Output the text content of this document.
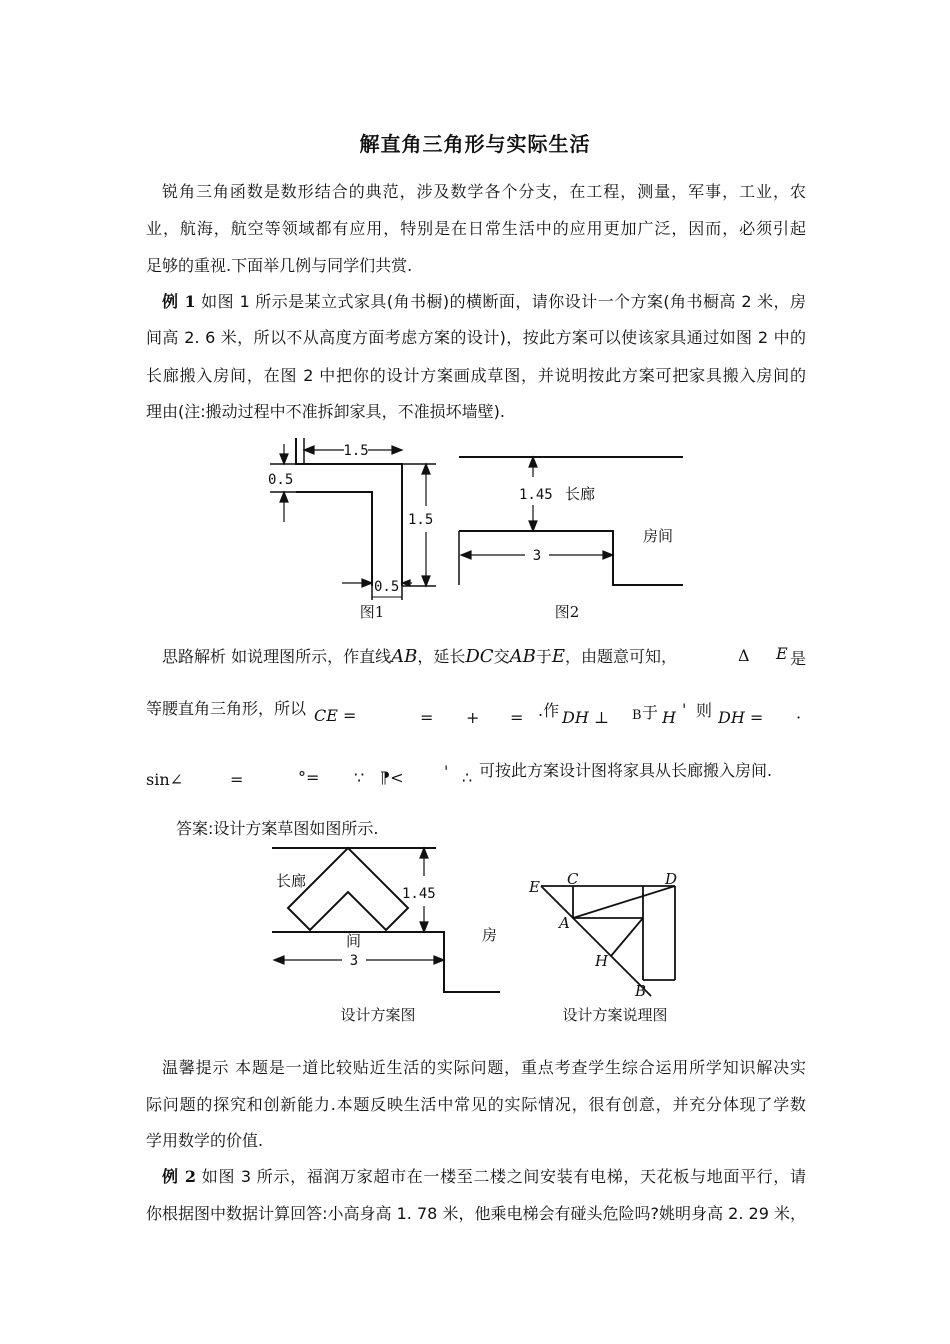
解直角三角形与实际生活
锐角三角函数是数形结合的典范，涉及数学各个分支，在工程，测量，军事，工业，农
业，航海，航空等领域都有应用，特别是在日常生活中的应用更加广泛，因而，必须引起
足够的重视.下面举几例与同学们共赏.
例 1 如图 1 所示是某立式家具(角书橱)的横断面，请你设计一个方案(角书橱高 2 米，房
间高 2. 6 米，所以不从高度方面考虑方案的设计)，按此方案可以使该家具通过如图 2 中的
长廊搬入房间，在图 2 中把你的设计方案画成草图，并说明按此方案可把家具搬入房间的
理由(注:搬动过程中不准拆卸家具，不准损坏墙壁).
1.5
0.5
1.5
0.5
图1
1.45 长廊
房间
3
图2
思路解析 如说理图所示，作直线AB，延长DC交AB于E，由题意可知，	Δ E 是
等腰直角三角形，所以 CE =	= + = .作 DH ⊥ B 于 H ' 则 DH = ·
sin∠	=	°= ∵ ⁋<	' ∴ 可按此方案设计图将家具从长廊搬入房间.
答案:设计方案草图如图所示.
长廊
间	房
1.45
3
设计方案图
E C	D
A
H
B
设计方案说理图
温馨提示 本题是一道比较贴近生活的实际问题，重点考查学生综合运用所学知识解决实
际问题的探究和创新能力.本题反映生活中常见的实际情况，很有创意，并充分体现了学数
学用数学的价值.
例 2 如图 3 所示，福润万家超市在一楼至二楼之间安装有电梯，天花板与地面平行，请
你根据图中数据计算回答:小高身高 1. 78 米，他乘电梯会有碰头危险吗?姚明身高 2. 29 米，
